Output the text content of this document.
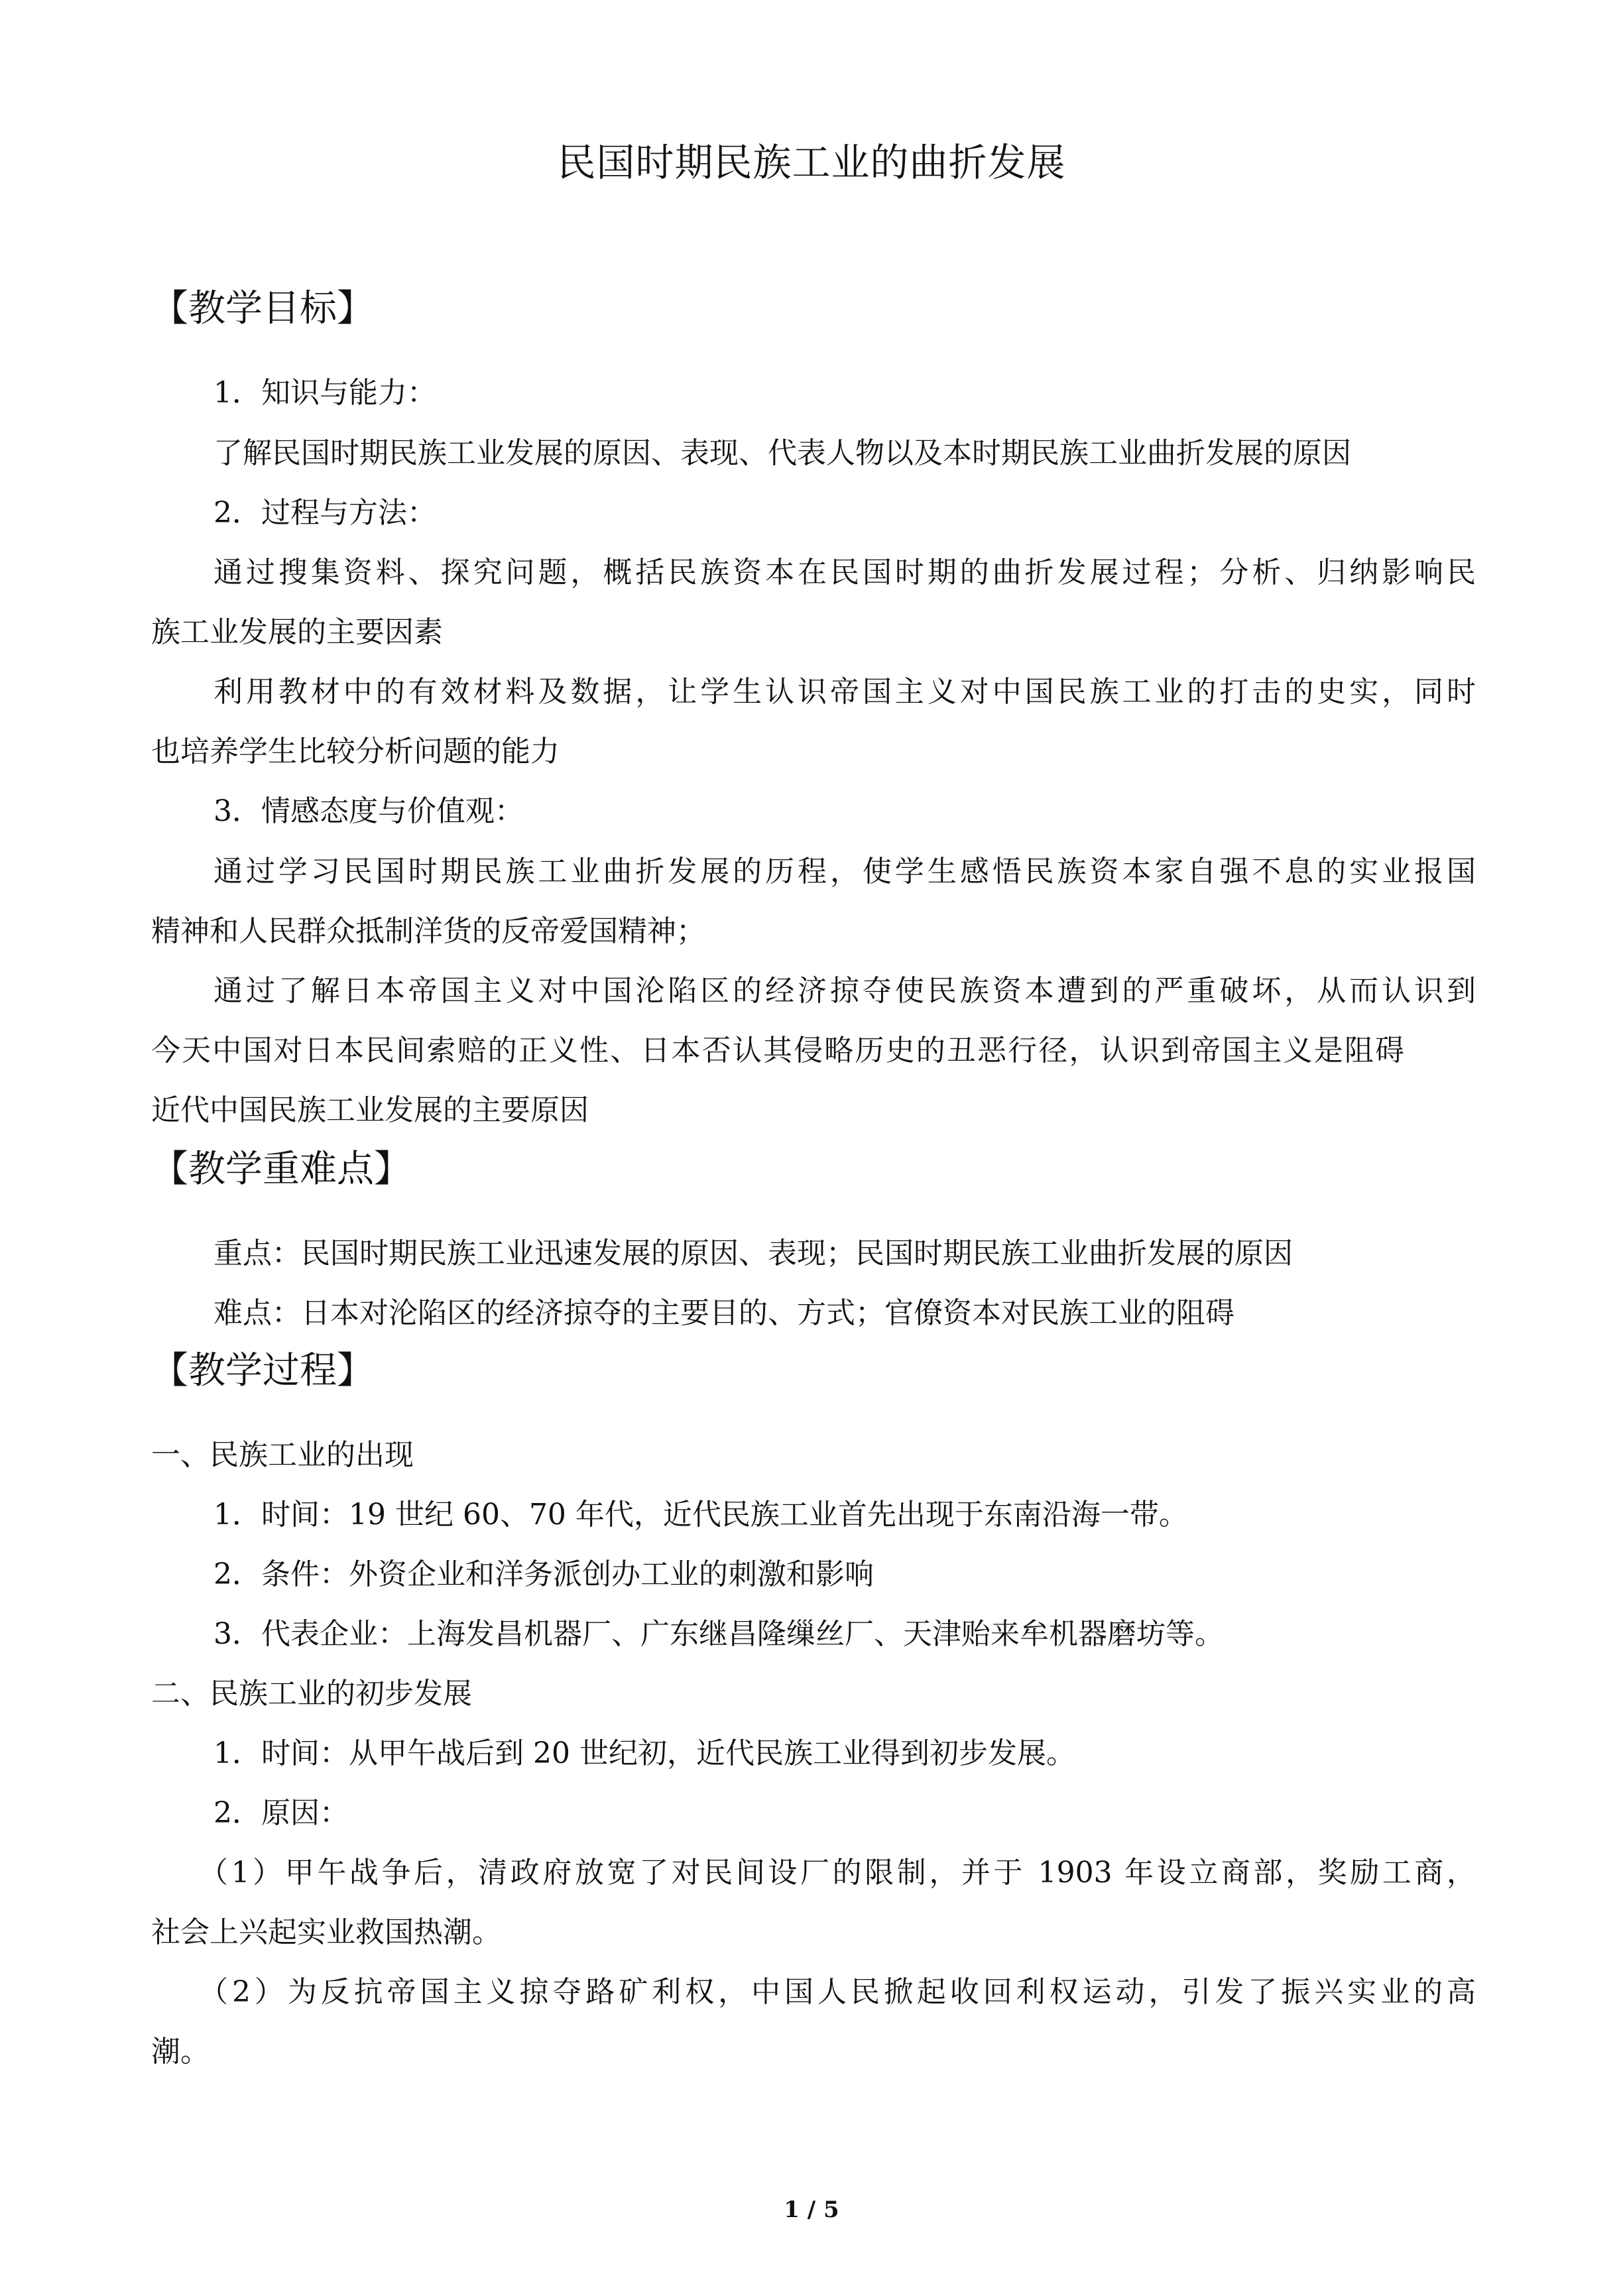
民国时期民族工业的曲折发展
【教学目标】
1．知识与能力：
了解民国时期民族工业发展的原因、表现、代表人物以及本时期民族工业曲折发展的原因
2．过程与方法：
通过搜集资料、探究问题，概括民族资本在民国时期的曲折发展过程；分析、归纳影响民
族工业发展的主要因素
利用教材中的有效材料及数据，让学生认识帝国主义对中国民族工业的打击的史实，同时
也培养学生比较分析问题的能力
3．情感态度与价值观：
通过学习民国时期民族工业曲折发展的历程，使学生感悟民族资本家自强不息的实业报国
精神和人民群众抵制洋货的反帝爱国精神；
通过了解日本帝国主义对中国沦陷区的经济掠夺使民族资本遭到的严重破坏，从而认识到
今天中国对日本民间索赔的正义性、日本否认其侵略历史的丑恶行径，认识到帝国主义是阻碍
近代中国民族工业发展的主要原因
【教学重难点】
重点：民国时期民族工业迅速发展的原因、表现；民国时期民族工业曲折发展的原因
难点：日本对沦陷区的经济掠夺的主要目的、方式；官僚资本对民族工业的阻碍
【教学过程】
一、民族工业的出现
1．时间：19 世纪 60、70 年代，近代民族工业首先出现于东南沿海一带。
2．条件：外资企业和洋务派创办工业的刺激和影响
3．代表企业：上海发昌机器厂、广东继昌隆缫丝厂、天津贻来牟机器磨坊等。
二、民族工业的初步发展
1．时间：从甲午战后到 20 世纪初，近代民族工业得到初步发展。
2．原因：
（1）甲午战争后，清政府放宽了对民间设厂的限制，并于 1903 年设立商部，奖励工商，
社会上兴起实业救国热潮。
（2）为反抗帝国主义掠夺路矿利权，中国人民掀起收回利权运动，引发了振兴实业的高
潮。
1 / 5
